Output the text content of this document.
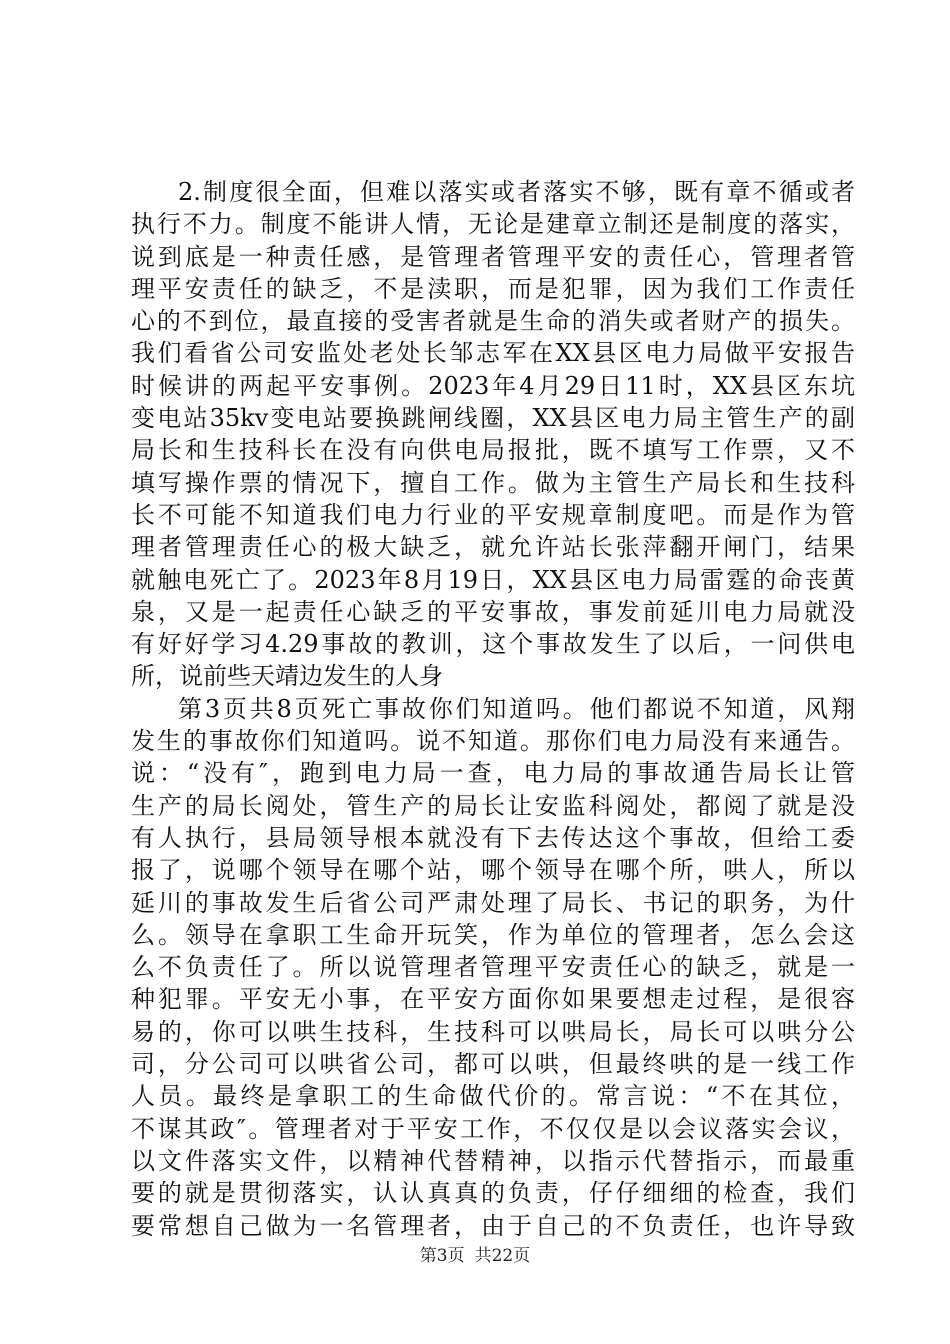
2.制度很全面，但难以落实或者落实不够，既有章不循或者
执行不力。制度不能讲人情，无论是建章立制还是制度的落实，
说到底是一种责任感，是管理者管理平安的责任心，管理者管
理平安责任的缺乏，不是渎职，而是犯罪，因为我们工作责任
心的不到位，最直接的受害者就是生命的消失或者财产的损失。
我们看省公司安监处老处长邹志军在XX县区电力局做平安报告
时候讲的两起平安事例。2023年4月29日11时，XX县区东坑
变电站35kv变电站要换跳闸线圈，XX县区电力局主管生产的副
局长和生技科长在没有向供电局报批，既不填写工作票，又不
填写操作票的情况下，擅自工作。做为主管生产局长和生技科
长不可能不知道我们电力行业的平安规章制度吧。而是作为管
理者管理责任心的极大缺乏，就允许站长张萍翻开闸门，结果
就触电死亡了。2023年8月19日，XX县区电力局雷霆的命丧黄
泉，又是一起责任心缺乏的平安事故，事发前延川电力局就没
有好好学习4.29事故的教训，这个事故发生了以后，一问供电
所，说前些天靖边发生的人身
第3页共8页死亡事故你们知道吗。他们都说不知道，风翔
发生的事故你们知道吗。说不知道。那你们电力局没有来通告。
说：“没有″，跑到电力局一查，电力局的事故通告局长让管
生产的局长阅处，管生产的局长让安监科阅处，都阅了就是没
有人执行，县局领导根本就没有下去传达这个事故，但给工委
报了，说哪个领导在哪个站，哪个领导在哪个所，哄人，所以
延川的事故发生后省公司严肃处理了局长、书记的职务，为什
么。领导在拿职工生命开玩笑，作为单位的管理者，怎么会这
么不负责任了。所以说管理者管理平安责任心的缺乏，就是一
种犯罪。平安无小事，在平安方面你如果要想走过程，是很容
易的，你可以哄生技科，生技科可以哄局长，局长可以哄分公
司，分公司可以哄省公司，都可以哄，但最终哄的是一线工作
人员。最终是拿职工的生命做代价的。常言说：“不在其位，
不谋其政″。管理者对于平安工作，不仅仅是以会议落实会议，
以文件落实文件，以精神代替精神，以指示代替指示，而最重
要的就是贯彻落实，认认真真的负责，仔仔细细的检查，我们
要常想自己做为一名管理者，由于自己的不负责任，也许导致
第3页 共22页
